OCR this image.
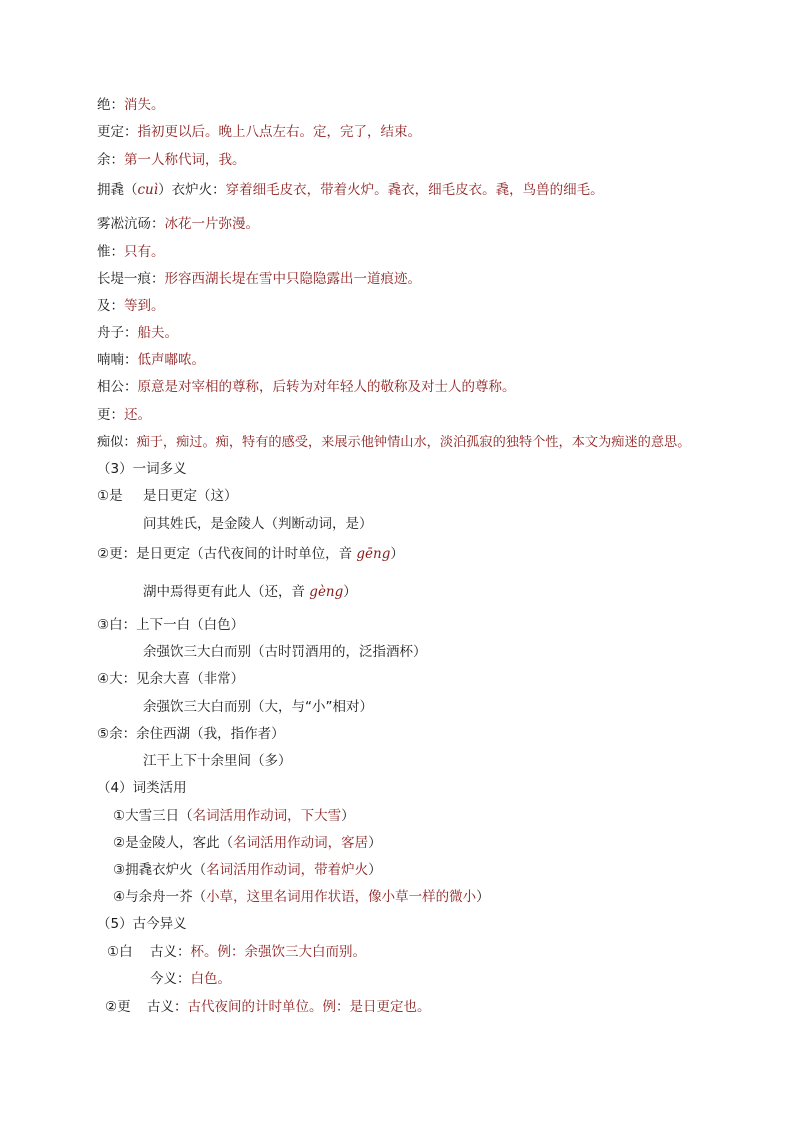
绝：消失。
更定：指初更以后。晚上八点左右。定，完了，结束。
余：第一人称代词，我。
拥毳（cuì）衣炉火：穿着细毛皮衣，带着火炉。毳衣，细毛皮衣。毳，鸟兽的细毛。
雾凇沆砀：冰花一片弥漫。
惟：只有。
长堤一痕：形容西湖长堤在雪中只隐隐露出一道痕迹。
及：等到。
舟子：船夫。
喃喃：低声嘟哝。
相公：原意是对宰相的尊称，后转为对年轻人的敬称及对士人的尊称。
更：还。
痴似：痴于，痴过。痴，特有的感受，来展示他钟情山水，淡泊孤寂的独特个性，本文为痴迷的意思。
（3）一词多义
①是 是日更定（这）
问其姓氏，是金陵人（判断动词，是）
②更：是日更定（古代夜间的计时单位，音 gēng）
湖中焉得更有此人（还，音 gèng）
③白：上下一白（白色）
余强饮三大白而别（古时罚酒用的，泛指酒杯）
④大：见余大喜（非常）
余强饮三大白而别（大，与“小”相对）
⑤余：余住西湖（我，指作者）
江干上下十余里间（多）
（4）词类活用
①大雪三日（名词活用作动词，下大雪）
②是金陵人，客此（名词活用作动词，客居）
③拥毳衣炉火（名词活用作动词，带着炉火）
④与余舟一芥（小草，这里名词用作状语，像小草一样的微小）
（5）古今异义
①白 古义：杯。例：余强饮三大白而别。
今义：白色。
②更 古义：古代夜间的计时单位。例：是日更定也。
